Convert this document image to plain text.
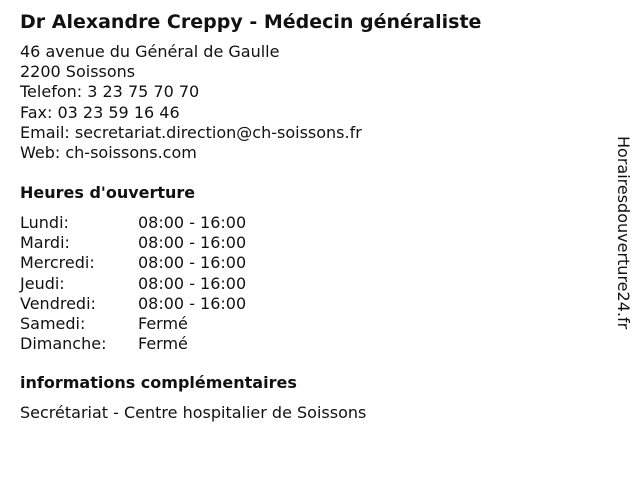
Dr Alexandre Creppy - Médecin généraliste
46 avenue du Général de Gaulle
2200 Soissons
Telefon: 3 23 75 70 70
Fax: 03 23 59 16 46
Email: secretariat.direction@ch-soissons.fr
Web: ch-soissons.com
Heures d'ouverture
Lundi:	08:00 - 16:00
Mardi:	08:00 - 16:00
Mercredi:	08:00 - 16:00
Jeudi:	08:00 - 16:00
Vendredi:	08:00 - 16:00
Samedi:	Fermé
Dimanche:	Fermé
informations complémentaires
Secrétariat - Centre hospitalier de Soissons
Horairesdouverture24.fr
